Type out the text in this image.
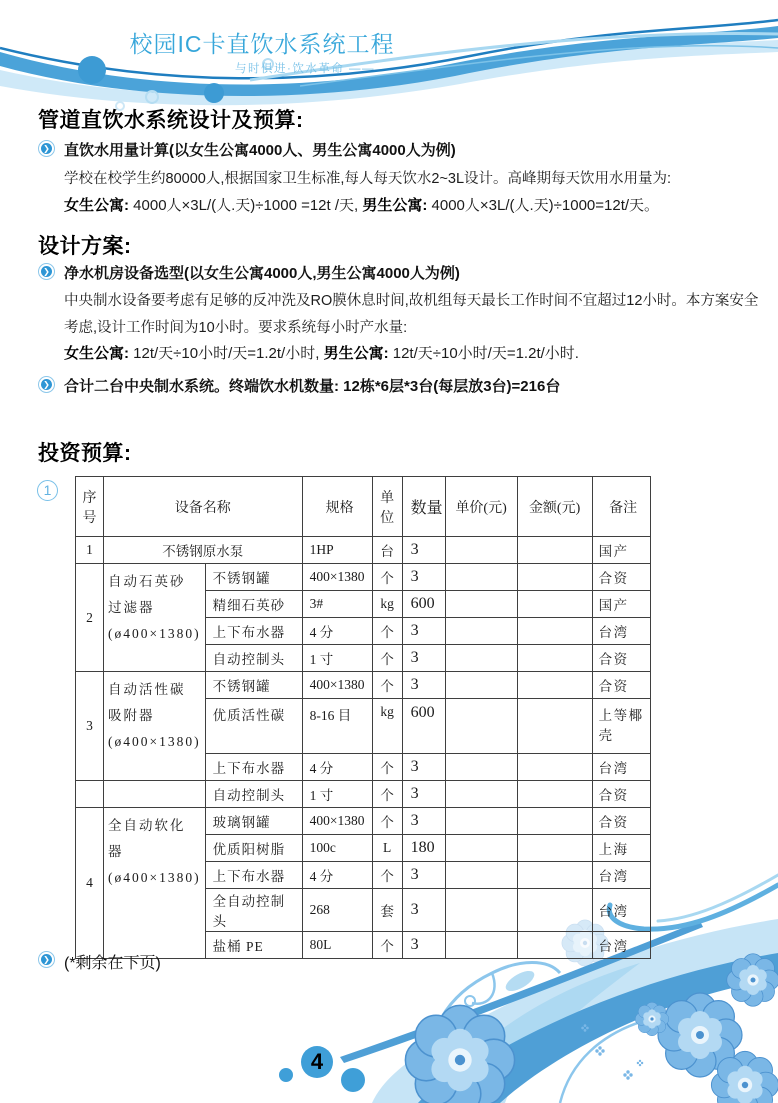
校园IC卡直饮水系统工程
与时俱进·饮水革命 ——
管道直饮水系统设计及预算:
❯ 直饮水用量计算(以女生公寓4000人、男生公寓4000人为例)
学校在校学生约80000人,根据国家卫生标准,每人每天饮水2~3L设计。高峰期每天饮用水用量为:
女生公寓: 4000人×3L/(人.天)÷1000 =12t /天, 男生公寓: 4000人×3L/(人.天)÷1000=12t/天。
设计方案:
❯ 净水机房设备选型(以女生公寓4000人,男生公寓4000人为例)
中央制水设备要考虑有足够的反冲洗及RO膜休息时间,故机组每天最长工作时间不宜超过12小时。本方案安全考虑,设计工作时间为10小时。要求系统每小时产水量:
女生公寓: 12t/天÷10小时/天=1.2t/小时, 男生公寓: 12t/天÷10小时/天=1.2t/小时.
❯ 合计二台中央制水系统。终端饮水机数量: 12栋*6层*3台(每层放3台)=216台
投资预算:
1	序号	设备名称		规格	单位	数量	单价(元)	金额(元)	备注
1	不锈钢原水泵		1HP	台	3			国产
2	自动石英砂过滤器(ø400×1380)	不锈钢罐	400×1380	个	3			合资
		精细石英砂	3#	kg	600			国产
		上下布水器	4 分	个	3			台湾
		自动控制头	1 寸	个	3			合资
3	自动活性碳吸附器(ø400×1380)	不锈钢罐	400×1380	个	3			合资
		优质活性碳	8-16 目	kg	600			上等椰壳
		上下布水器	4 分	个	3			台湾
		自动控制头	1 寸	个	3			合资
4	全自动软化器(ø400×1380)	玻璃钢罐	400×1380	个	3			合资
		优质阳树脂	100c	L	180			上海
		上下布水器	4 分	个	3			台湾
		全自动控制头	268	套	3			台湾
		盐桶 PE	80L	个	3			台湾
❯ (*剩余在下页)
4
